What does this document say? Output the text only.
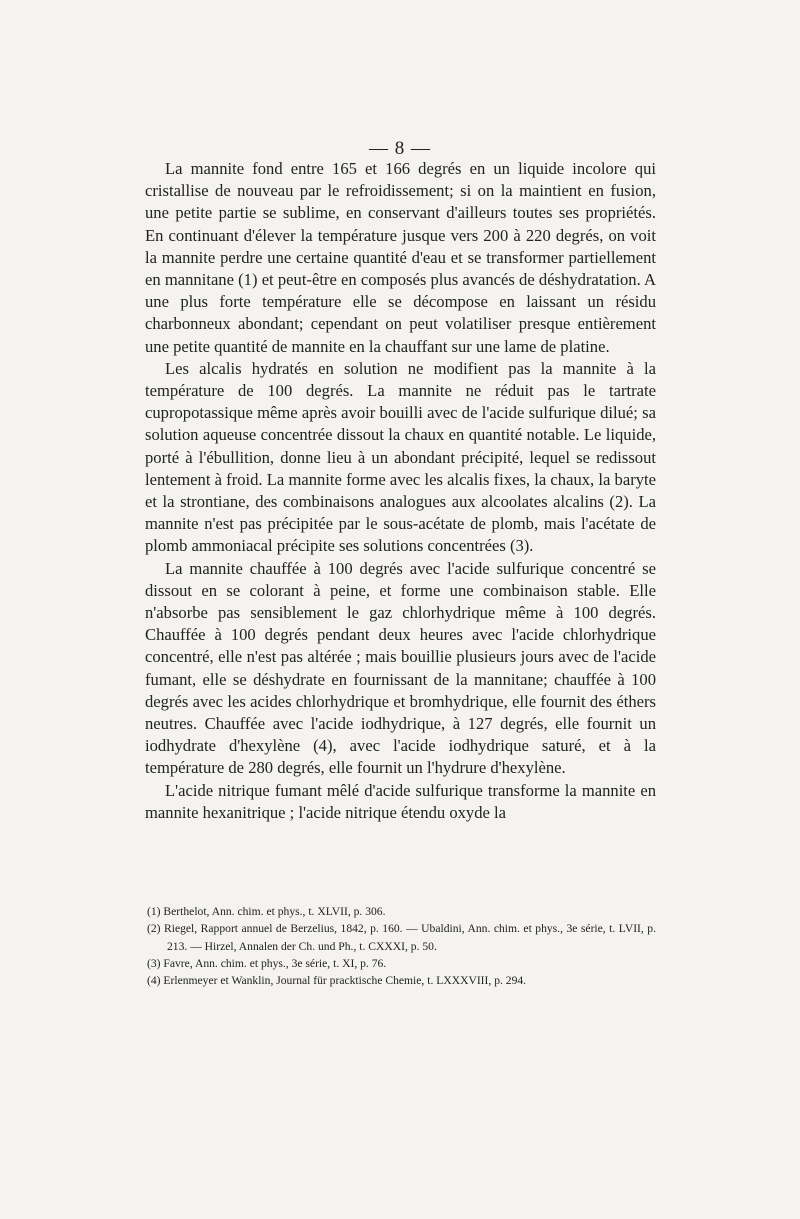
— 8 —

La mannite fond entre 165 et 166 degrés en un liquide incolore qui cristallise de nouveau par le refroidissement; si on la maintient en fusion, une petite partie se sublime, en conservant d'ailleurs toutes ses propriétés. En continuant d'élever la température jusque vers 200 à 220 degrés, on voit la mannite perdre une certaine quantité d'eau et se transformer partiellement en mannitane (1) et peut-être en composés plus avancés de déshydratation. A une plus forte température elle se décompose en laissant un résidu charbonneux abondant; cependant on peut volatiliser presque entièrement une petite quantité de mannite en la chauffant sur une lame de platine.

Les alcalis hydratés en solution ne modifient pas la mannite à la température de 100 degrés. La mannite ne réduit pas le tartrate cupropotassique même après avoir bouilli avec de l'acide sulfurique dilué; sa solution aqueuse concentrée dissout la chaux en quantité notable. Le liquide, porté à l'ébullition, donne lieu à un abondant précipité, lequel se redissout lentement à froid. La mannite forme avec les alcalis fixes, la chaux, la baryte et la strontiane, des combinaisons analogues aux alcoolates alcalins (2). La mannite n'est pas précipitée par le sous-acétate de plomb, mais l'acétate de plomb ammoniacal précipite ses solutions concentrées (3).

La mannite chauffée à 100 degrés avec l'acide sulfurique concentré se dissout en se colorant à peine, et forme une combinaison stable. Elle n'absorbe pas sensiblement le gaz chlorhydrique même à 100 degrés. Chauffée à 100 degrés pendant deux heures avec l'acide chlorhydrique concentré, elle n'est pas altérée ; mais bouillie plusieurs jours avec de l'acide fumant, elle se déshydrate en fournissant de la mannitane; chauffée à 100 degrés avec les acides chlorhydrique et bromhydrique, elle fournit des éthers neutres. Chauffée avec l'acide iodhydrique, à 127 degrés, elle fournit un iodhydrate d'hexylène (4), avec l'acide iodhydrique saturé, et à la température de 280 degrés, elle fournit un l'hydrure d'hexylène.

L'acide nitrique fumant mêlé d'acide sulfurique transforme la mannite en mannite hexanitrique ; l'acide nitrique étendu oxyde la

(1) Berthelot, Ann. chim. et phys., t. XLVII, p. 306.
(2) Riegel, Rapport annuel de Berzelius, 1842, p. 160. — Ubaldini, Ann. chim. et phys., 3e série, t. LVII, p. 213. — Hirzel, Annalen der Ch. und Ph., t. CXXXI, p. 50.
(3) Favre, Ann. chim. et phys., 3e série, t. XI, p. 76.
(4) Erlenmeyer et Wanklin, Journal für pracktische Chemie, t. LXXXVIII, p. 294.
